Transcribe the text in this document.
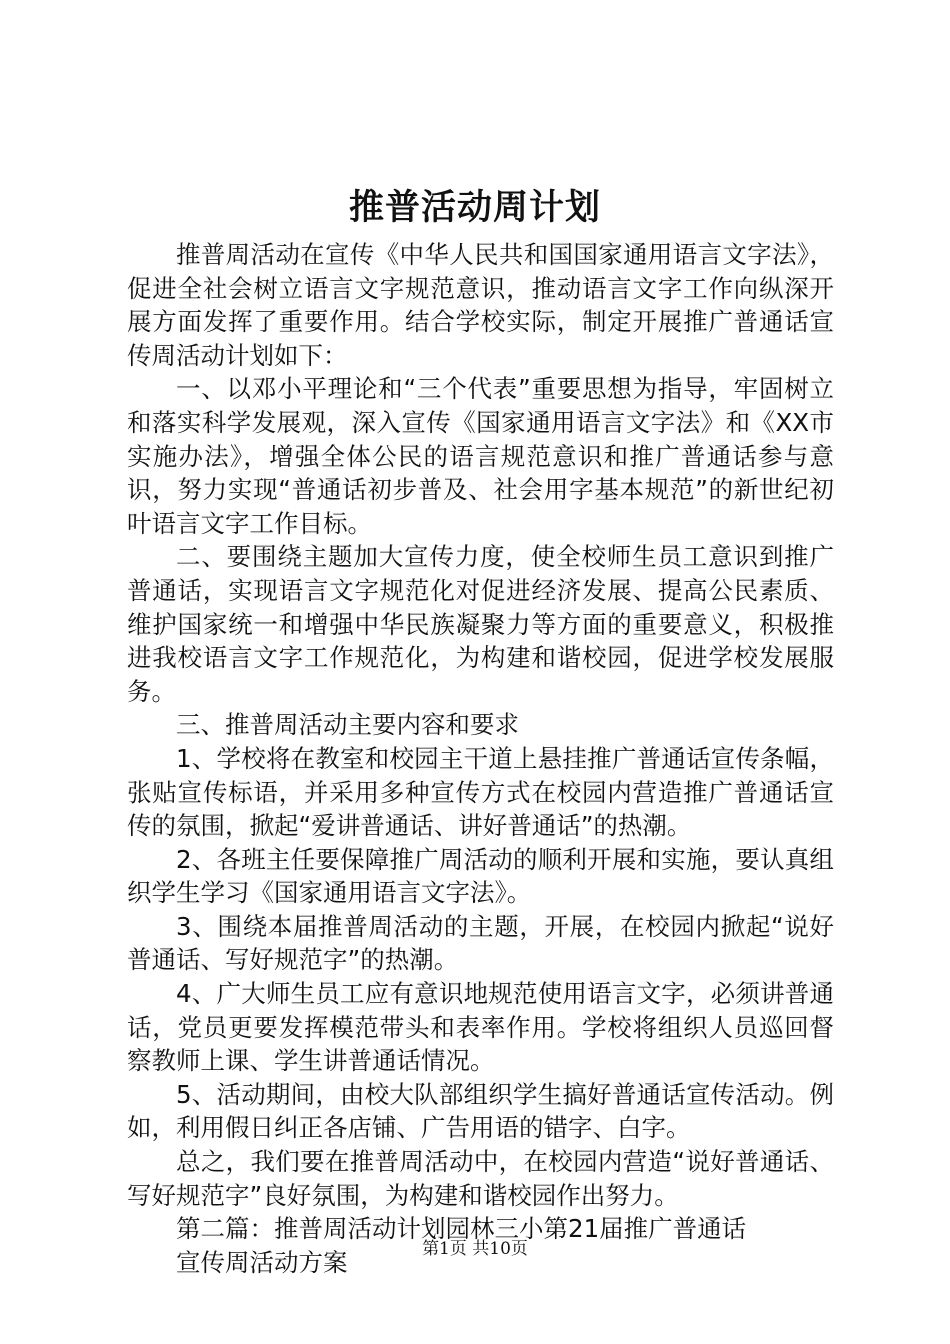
推普活动周计划

推普周活动在宣传《中华人民共和国国家通用语言文字法》，促进全社会树立语言文字规范意识，推动语言文字工作向纵深开展方面发挥了重要作用。结合学校实际，制定开展推广普通话宣传周活动计划如下：

一、以邓小平理论和“三个代表”重要思想为指导，牢固树立和落实科学发展观，深入宣传《国家通用语言文字法》和《XX市实施办法》，增强全体公民的语言规范意识和推广普通话参与意识，努力实现“普通话初步普及、社会用字基本规范”的新世纪初叶语言文字工作目标。

二、要围绕主题加大宣传力度，使全校师生员工意识到推广普通话，实现语言文字规范化对促进经济发展、提高公民素质、维护国家统一和增强中华民族凝聚力等方面的重要意义，积极推进我校语言文字工作规范化，为构建和谐校园，促进学校发展服务。

三、推普周活动主要内容和要求

1、学校将在教室和校园主干道上悬挂推广普通话宣传条幅，张贴宣传标语，并采用多种宣传方式在校园内营造推广普通话宣传的氛围，掀起“爱讲普通话、讲好普通话”的热潮。

2、各班主任要保障推广周活动的顺利开展和实施，要认真组织学生学习《国家通用语言文字法》。

3、围绕本届推普周活动的主题，开展，在校园内掀起“说好普通话、写好规范字”的热潮。

4、广大师生员工应有意识地规范使用语言文字，必须讲普通话，党员更要发挥模范带头和表率作用。学校将组织人员巡回督察教师上课、学生讲普通话情况。

5、活动期间，由校大队部组织学生搞好普通话宣传活动。例如，利用假日纠正各店铺、广告用语的错字、白字。

总之，我们要在推普周活动中，在校园内营造“说好普通话、写好规范字”良好氛围，为构建和谐校园作出努力。

第二篇：推普周活动计划园林三小第21届推广普通话

宣传周活动方案	第1页 共10页
